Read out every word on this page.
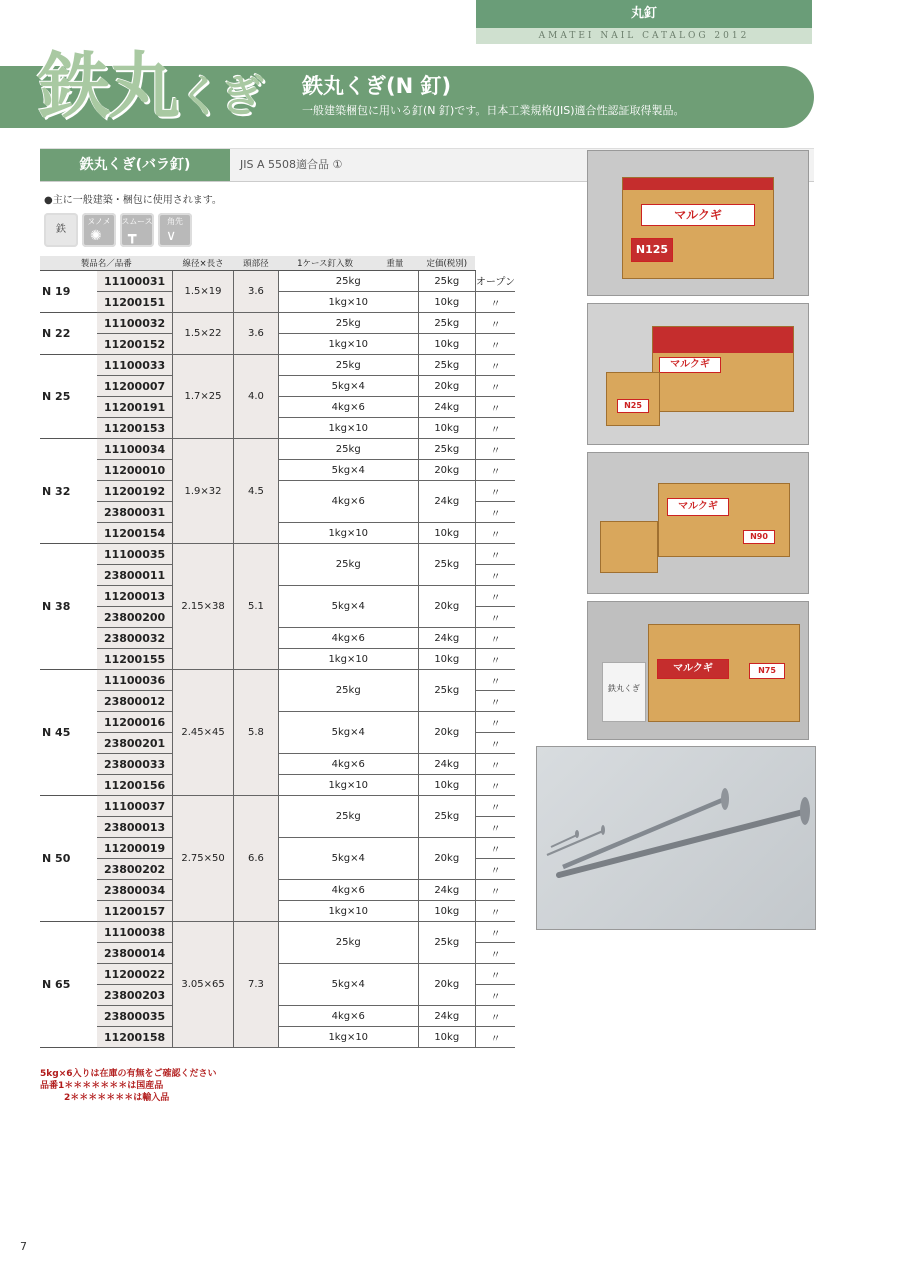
丸釘
AMATEI NAIL CATALOG 2012
鉄丸くぎ 鉄丸くぎ(N 釘)
一般建築梱包に用いる釘(N 釘)です。日本工業規格(JIS)適合性認証取得製品。
鉄丸くぎ(バラ釘)	JIS A 5508適合品 ①
●主に一般建築・梱包に使用されます。
鉄
ヌノメ
✺
スムース
┳
角先
∨
製品名／品番		線径×長さ	頭部径	1ケース釘入数	重量	定価(税別)	
N 19	11100031	1.5×19	3.6	25kg		25kg	オープン
	11200151			1kg×10		10kg	〃
N 22	11100032	1.5×22	3.6	25kg		25kg	〃
	11200152			1kg×10		10kg	〃
N 25	11100033	1.7×25	4.0	25kg		25kg	〃
	11200007			5kg×4		20kg	〃
	11200191			4kg×6		24kg	〃
	11200153			1kg×10		10kg	〃
N 32	11100034	1.9×32	4.5	25kg		25kg	〃
	11200010			5kg×4		20kg	〃
	11200192			4kg×6		24kg	〃
	23800031						〃
	11200154			1kg×10		10kg	〃
N 38	11100035	2.15×38	5.1	25kg		25kg	〃
	23800011						〃
	11200013			5kg×4		20kg	〃
	23800200						〃
	23800032			4kg×6		24kg	〃
	11200155			1kg×10		10kg	〃
N 45	11100036	2.45×45	5.8	25kg		25kg	〃
	23800012						〃
	11200016			5kg×4		20kg	〃
	23800201						〃
	23800033			4kg×6		24kg	〃
	11200156			1kg×10		10kg	〃
N 50	11100037	2.75×50	6.6	25kg		25kg	〃
	23800013						〃
	11200019			5kg×4		20kg	〃
	23800202						〃
	23800034			4kg×6		24kg	〃
	11200157			1kg×10		10kg	〃
N 65	11100038	3.05×65	7.3	25kg		25kg	〃
	23800014						〃
	11200022			5kg×4		20kg	〃
	23800203						〃
	23800035			4kg×6		24kg	〃
	11200158			1kg×10		10kg	〃
5kg×6入りは在庫の有無をご確認ください
品番1＊＊＊＊＊＊＊は国産品
2＊＊＊＊＊＊＊は輸入品
マルクギ
N125
マルクギ
N25
マルクギ
N90
マルクギ	N75
鉄丸くぎ
7
